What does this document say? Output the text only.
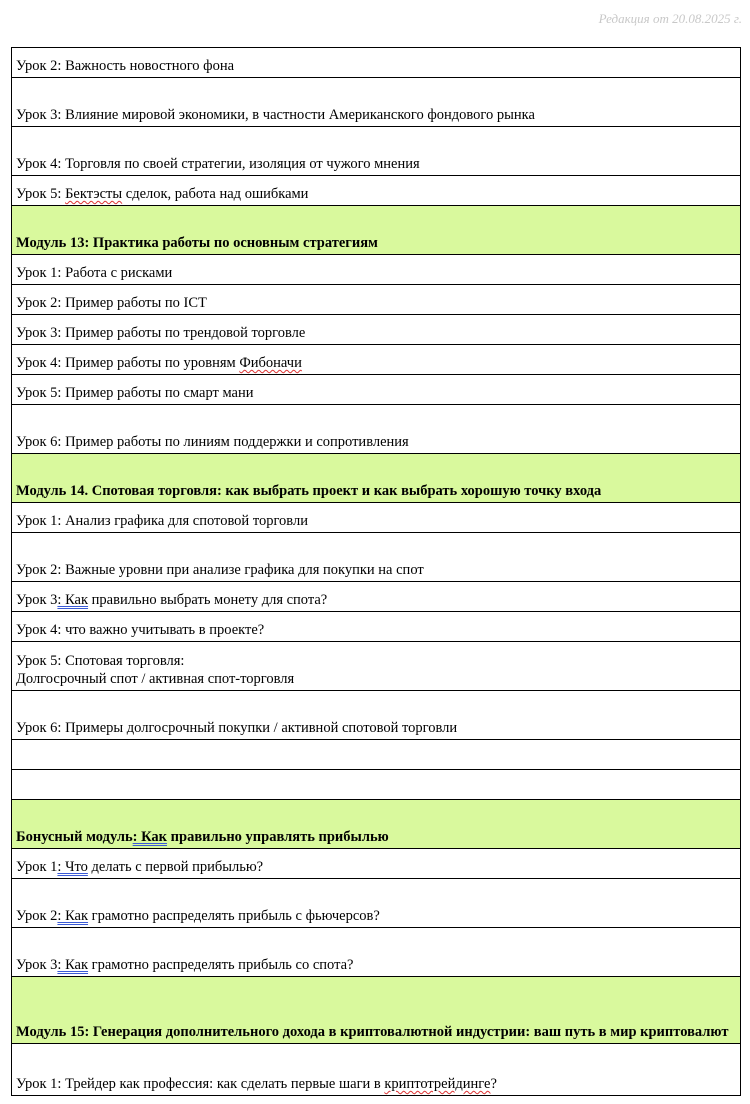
Редакция от 20.08.2025 г.
Урок 2: Важность новостного фона
Урок 3: Влияние мировой экономики, в частности Американского фондового рынка
Урок 4: Торговля по своей стратегии, изоляция от чужого мнения
Урок 5: Бектэсты сделок, работа над ошибками
Модуль 13: Практика работы по основным стратегиям
Урок 1: Работа с рисками
Урок 2: Пример работы по ICT
Урок 3: Пример работы по трендовой торговле
Урок 4: Пример работы по уровням Фибоначи
Урок 5: Пример работы по смарт мани
Урок 6: Пример работы по линиям поддержки и сопротивления
Модуль 14. Спотовая торговля: как выбрать проект и как выбрать хорошую точку входа
Урок 1: Анализ графика для спотовой торговли
Урок 2: Важные уровни при анализе графика для покупки на спот
Урок 3: Как правильно выбрать монету для спота?
Урок 4: что важно учитывать в проекте?

Урок 5: Спотовая торговля:
Долгосрочный спот / активная спот-торговля

Урок 6: Примеры долгосрочный покупки / активной спотовой торговли

Бонусный модуль: Как правильно управлять прибылью
Урок 1: Что делать с первой прибылью?
Урок 2: Как грамотно распределять прибыль с фьючерсов?
Урок 3: Как грамотно распределять прибыль со спота?
Модуль 15: Генерация дополнительного дохода в криптовалютной индустрии: ваш путь в мир криптовалют
Урок 1: Трейдер как профессия: как сделать первые шаги в криптотрейдинге?
